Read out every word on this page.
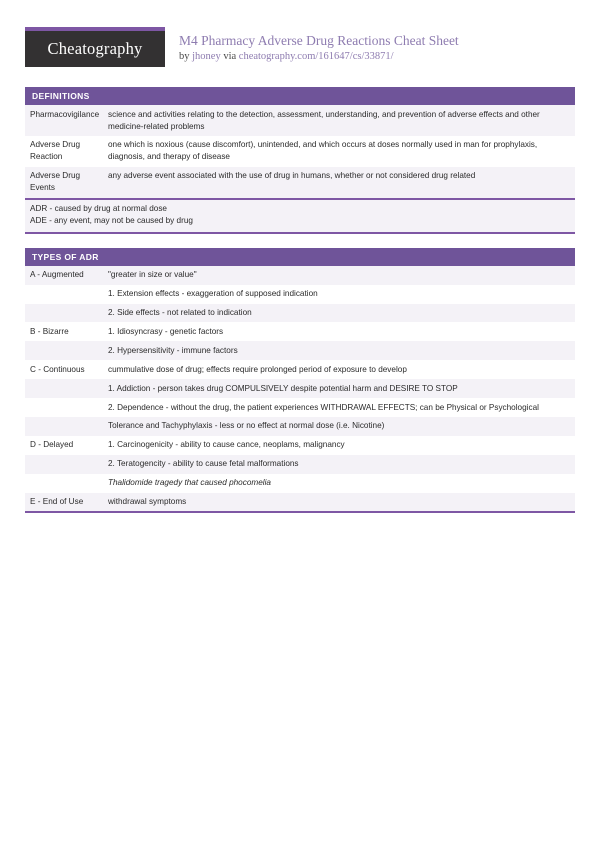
Cheatography	M4 Pharmacy Adverse Drug Reactions Cheat Sheet
by jhoney via cheatography.com/161647/cs/33871/
DEFINITIONS
Pharmacovigilance	science and activities relating to the detection, assessment, understanding, and prevention of adverse effects and other medicine-related problems
Adverse Drug Reaction	one which is noxious (cause discomfort), unintended, and which occurs at doses normally used in man for prophylaxis, diagnosis, and therapy of disease
Adverse Drug Events	any adverse event associated with the use of drug in humans, whether or not considered drug related
ADR - caused by drug at normal dose
ADE - any event, may not be caused by drug
TYPES OF ADR
A - Augmented	"greater in size or value"
	1. Extension effects - exaggeration of supposed indication
	2. Side effects - not related to indication
B - Bizarre	1. Idiosyncrasy - genetic factors
	2. Hypersensitivity - immune factors
C - Continuous	cummulative dose of drug; effects require prolonged period of exposure to develop
	1. Addiction - person takes drug COMPULSIVELY despite potential harm and DESIRE TO STOP
	2. Dependence - without the drug, the patient experiences WITHDRAWAL EFFECTS; can be Physical or Psychological
	Tolerance and Tachyphylaxis - less or no effect at normal dose (i.e. Nicotine)
D - Delayed	1. Carcinogenicity - ability to cause cance, neoplams, malignancy
	2. Teratogencity - ability to cause fetal malformations
	Thalidomide tragedy that caused phocomelia
E - End of Use	withdrawal symptoms
